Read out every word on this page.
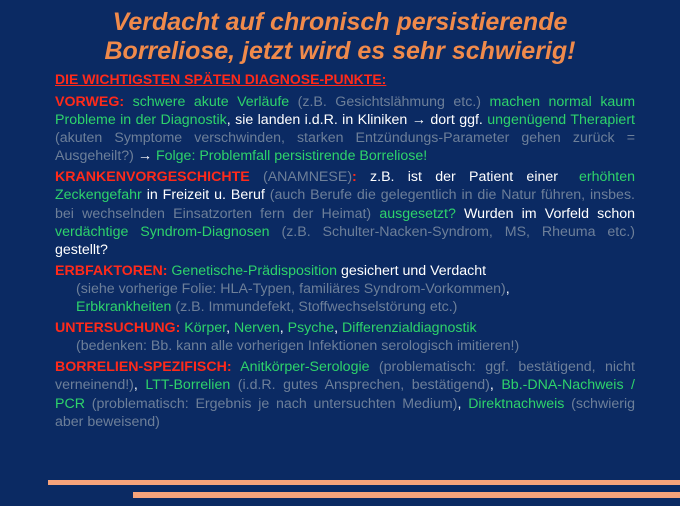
Verdacht auf chronisch persistierende
Borreliose, jetzt wird es sehr schwierig!
DIE WICHTIGSTEN SPÄTEN DIAGNOSE-PUNKTE:

VORWEG: schwere akute Verläufe (z.B. Gesichtslähmung etc.) machen normal kaum Probleme in der Diagnostik, sie landen i.d.R. in Kliniken → dort ggf. ungenügend Therapiert (akuten Symptome verschwinden, starken Entzündungs-Parameter gehen zurück = Ausgeheilt?) → Folge: Problemfall persistirende Borreliose!

KRANKENVORGESCHICHTE (ANAMNESE): z.B. ist der Patient einer erhöhten Zeckengefahr in Freizeit u. Beruf (auch Berufe die gelegentlich in die Natur führen, insbes. bei wechselnden Einsatzorten fern der Heimat) ausgesetzt? Wurden im Vorfeld schon verdächtige Syndrom-Diagnosen (z.B. Schulter-Nacken-Syndrom, MS, Rheuma etc.) gestellt?

ERBFAKTOREN: Genetische-Prädisposition gesichert und Verdacht
(siehe vorherige Folie: HLA-Typen, familiäres Syndrom-Vorkommen),
Erbkrankheiten (z.B. Immundefekt, Stoffwechselstörung etc.)

UNTERSUCHUNG: Körper, Nerven, Psyche, Differenzialdiagnostik
(bedenken: Bb. kann alle vorherigen Infektionen serologisch imitieren!)

BORRELIEN-SPEZIFISCH: Anitkörper-Serologie (problematisch: ggf. bestätigend, nicht verneinend!), LTT-Borrelien (i.d.R. gutes Ansprechen, bestätigend), Bb.-DNA-Nachweis / PCR (problematisch: Ergebnis je nach untersuchten Medium), Direktnachweis (schwierig aber beweisend)
